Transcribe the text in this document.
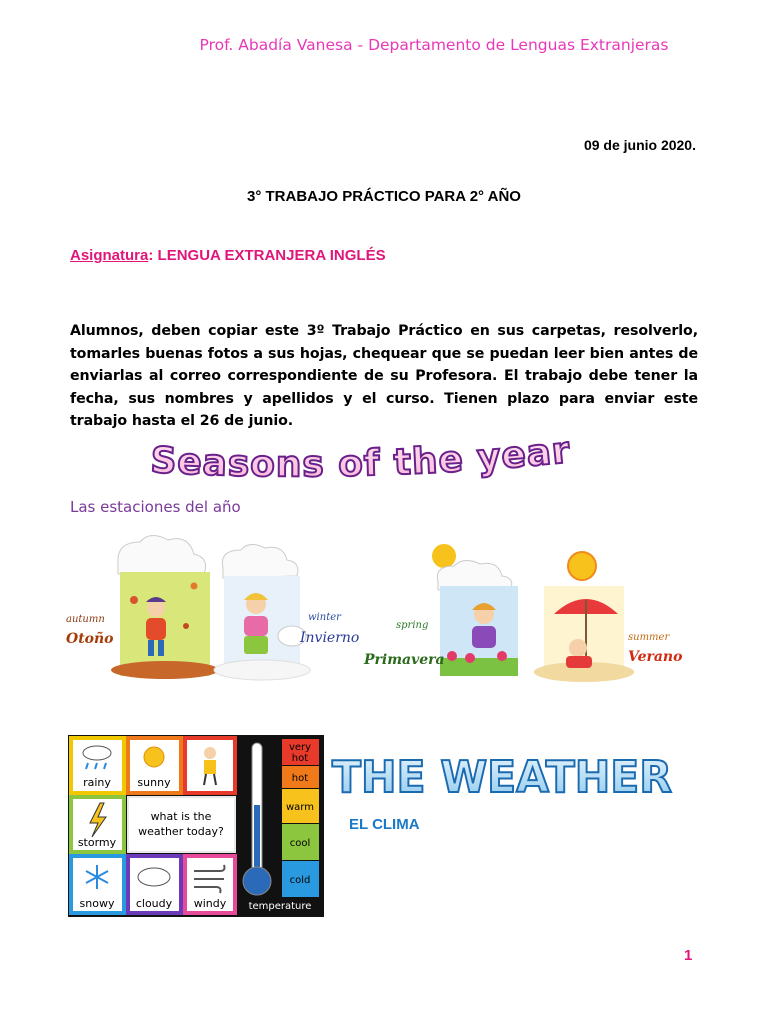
Prof. Abadía Vanesa - Departamento de Lenguas Extranjeras
09 de junio 2020.
3° TRABAJO PRÁCTICO PARA 2° AÑO
Asignatura: LENGUA EXTRANJERA INGLÉS
Alumnos, deben copiar este 3º Trabajo Práctico en sus carpetas, resolverlo, tomarles buenas fotos a sus hojas, chequear que se puedan leer bien antes de enviarlas al correo correspondiente de su Profesora. El trabajo debe tener la fecha, sus nombres y apellidos y el curso. Tienen plazo para enviar este trabajo hasta el 26 de junio.
Seasons of the year
Las estaciones del año
autumn
Otoño
winter
Invierno
spring
Primavera
summer
Verano
rainy sunny
stormy
what is the
weather today?
snowy cloudy windy
very
hot
hot
warm
cool
cold
temperature
THE WEATHER
EL CLIMA
1
